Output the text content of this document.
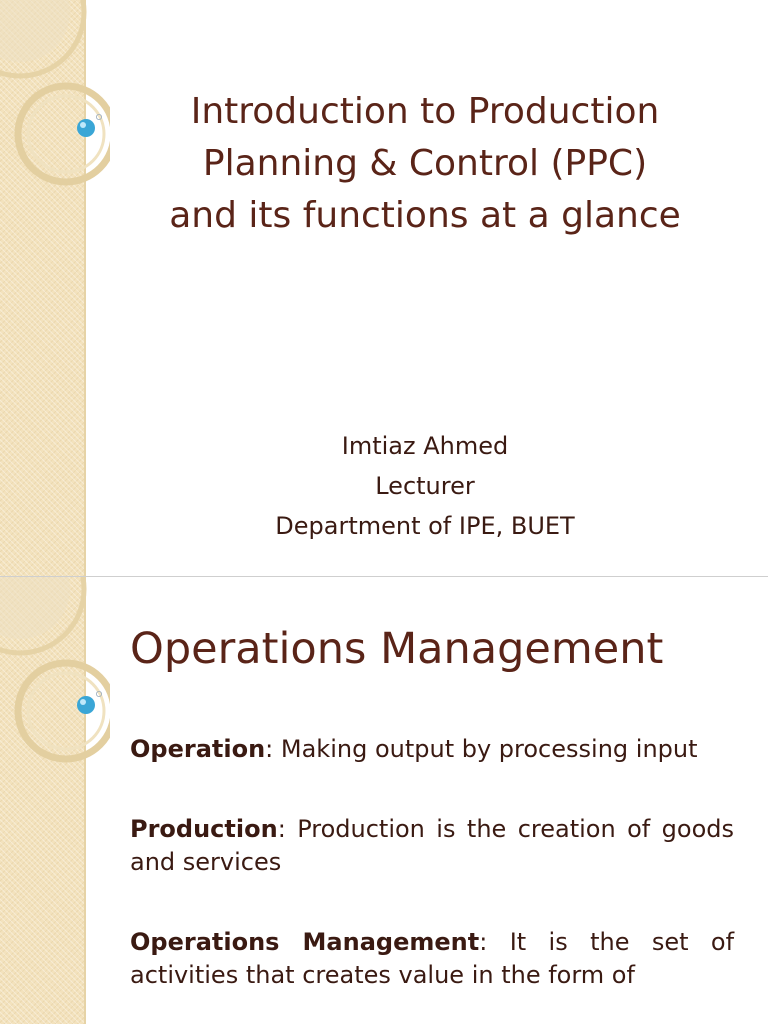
Introduction to Production
Planning & Control (PPC)
and its functions at a glance
Imtiaz Ahmed
Lecturer
Department of IPE, BUET
Operations Management

Operation: Making output by processing input

Production: Production is the creation of goods and services

Operations Management: It is the set of activities that creates value in the form of
